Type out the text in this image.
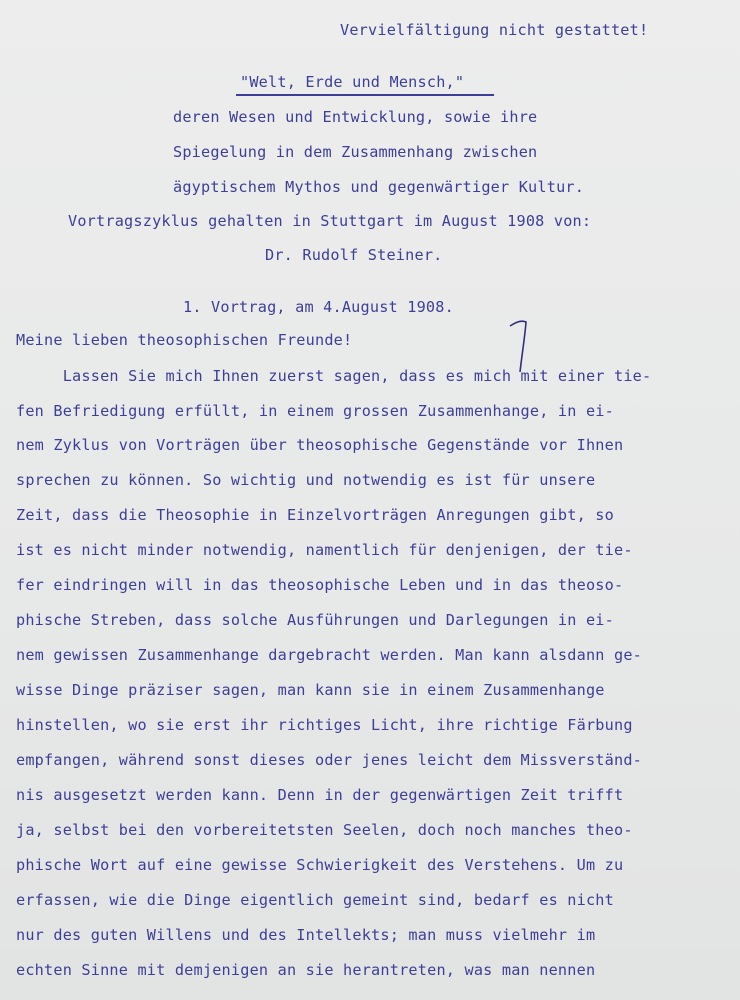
Vervielfältigung nicht gestattet!
"Welt, Erde und Mensch,"
deren Wesen und Entwicklung, sowie ihre
Spiegelung in dem Zusammenhang zwischen
ägyptischem Mythos und gegenwärtiger Kultur.
Vortragszyklus gehalten in Stuttgart im August 1908 von:
Dr. Rudolf Steiner.
1. Vortrag, am 4.August 1908.
Meine lieben theosophischen Freunde!
Lassen Sie mich Ihnen zuerst sagen, dass es mich mit einer tie-
fen Befriedigung erfüllt, in einem grossen Zusammenhange, in ei-
nem Zyklus von Vorträgen über theosophische Gegenstände vor Ihnen
sprechen zu können. So wichtig und notwendig es ist für unsere
Zeit, dass die Theosophie in Einzelvorträgen Anregungen gibt, so
ist es nicht minder notwendig, namentlich für denjenigen, der tie-
fer eindringen will in das theosophische Leben und in das theoso-
phische Streben, dass solche Ausführungen und Darlegungen in ei-
nem gewissen Zusammenhange dargebracht werden. Man kann alsdann ge-
wisse Dinge präziser sagen, man kann sie in einem Zusammenhange
hinstellen, wo sie erst ihr richtiges Licht, ihre richtige Färbung
empfangen, während sonst dieses oder jenes leicht dem Missverständ-
nis ausgesetzt werden kann. Denn in der gegenwärtigen Zeit trifft
ja, selbst bei den vorbereitetsten Seelen, doch noch manches theo-
phische Wort auf eine gewisse Schwierigkeit des Verstehens. Um zu
erfassen, wie die Dinge eigentlich gemeint sind, bedarf es nicht
nur des guten Willens und des Intellekts; man muss vielmehr im
echten Sinne mit demjenigen an sie herantreten, was man nennen
